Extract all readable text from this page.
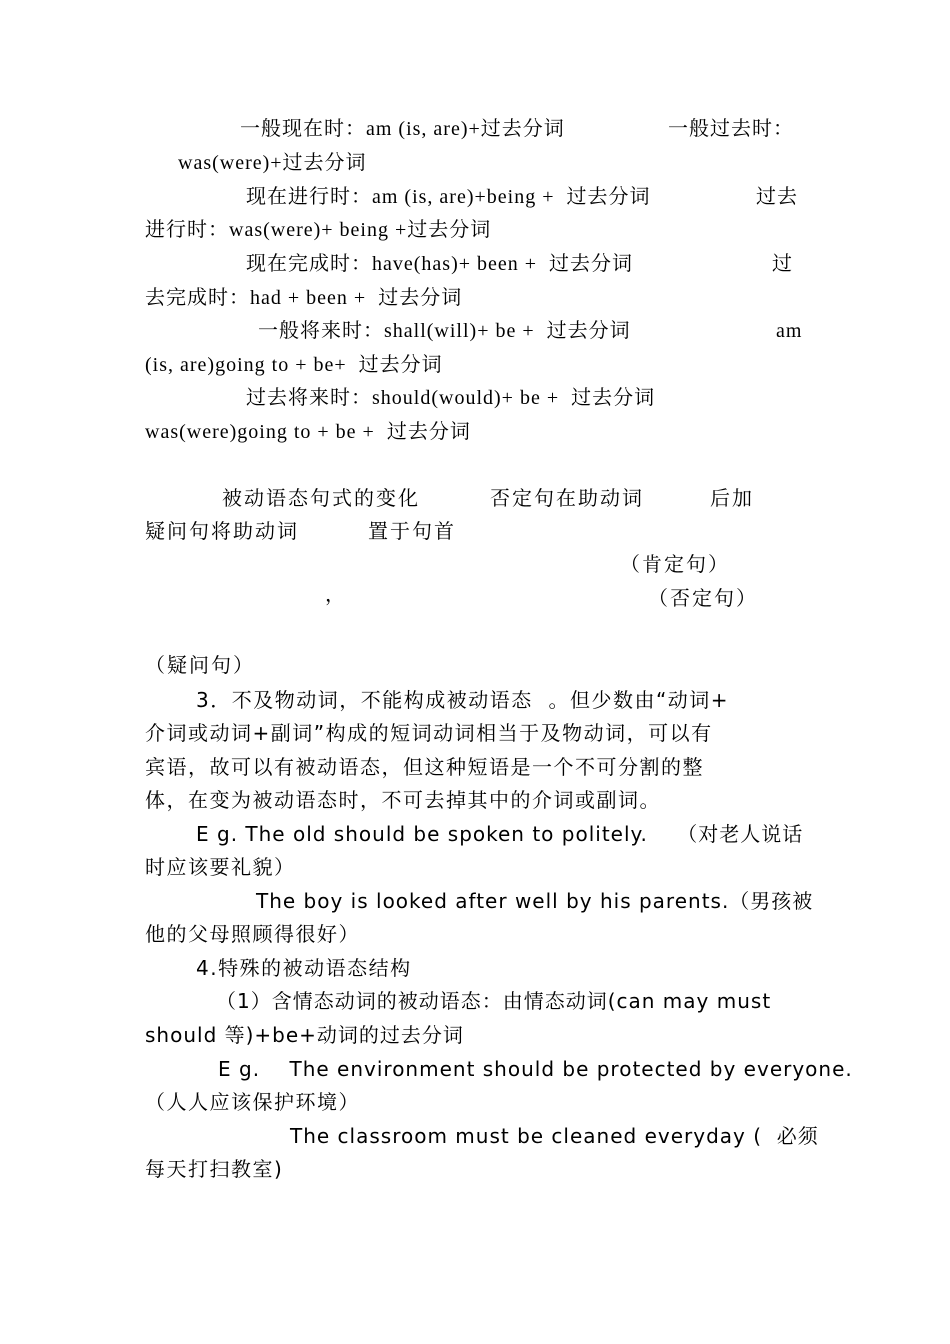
一般现在时：am (is, are)+过去分词	一般过去时：
was(were)+过去分词
现在进行时：am (is, are)+being +  过去分词	过去
进行时：was(were)+ being +过去分词
现在完成时：have(has)+ been +  过去分词	过
去完成时：had + been +  过去分词
一般将来时：shall(will)+ be +  过去分词	am
(is, are)going to + be+  过去分词
过去将来时：should(would)+ be +  过去分词
was(were)going to + be +  过去分词
被动语态句式的变化	否定句在助动词	后加
疑问句将助动词	置于句首
（肯定句）
，	（否定句）
（疑问句）
3．不及物动词，不能构成被动语态  。但少数由“动词+
介词或动词+副词”构成的短词动词相当于及物动词，可以有
宾语，故可以有被动语态，但这种短语是一个不可分割的整
体，在变为被动语态时，不可去掉其中的介词或副词。
E g. The old should be spoken to politely.    （对老人说话
时应该要礼貌）
The boy is looked after well by his parents.（男孩被
他的父母照顾得很好）
4.特殊的被动语态结构
（1）含情态动词的被动语态：由情态动词(can may must
should 等)+be+动词的过去分词
E g.    The environment should be protected by everyone.
（人人应该保护环境）
The classroom must be cleaned everyday (  必须
每天打扫教室)
